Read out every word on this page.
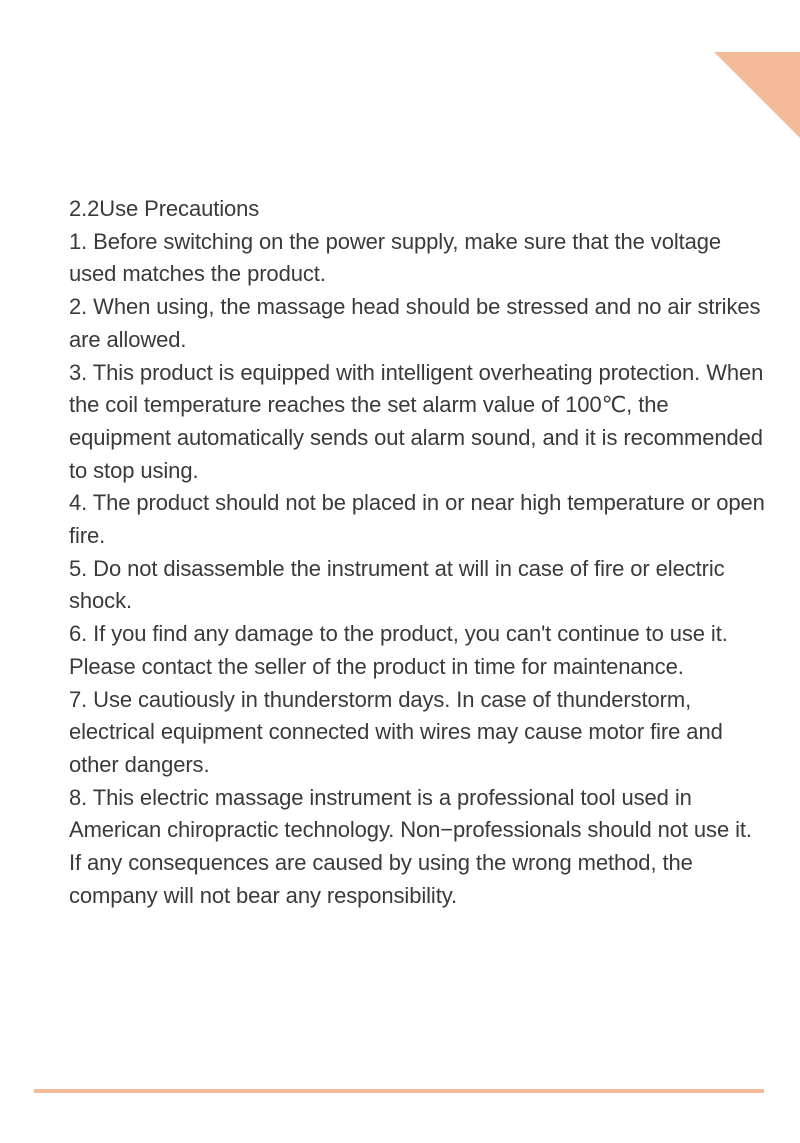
2.2Use Precautions

1. Before switching on the power supply, make sure that the voltage used matches the product.

2. When using, the massage head should be stressed and no air strikes are allowed.

3. This product is equipped with intelligent overheating protection. When the coil temperature reaches the set alarm value of 100℃, the equipment automatically sends out alarm sound, and it is recommended to stop using.

4. The product should not be placed in or near high temperature or open fire.

5. Do not disassemble the instrument at will in case of fire or electric shock.

6. If you find any damage to the product, you can't continue to use it. Please contact the seller of the product in time for maintenance.

7. Use cautiously in thunderstorm days. In case of thunderstorm, electrical equipment connected with wires may cause motor fire and other dangers.

8. This electric massage instrument is a professional tool used in American chiropractic technology. Non−professionals should not use it. If any consequences are caused by using the wrong method, the company will not bear any responsibility.
